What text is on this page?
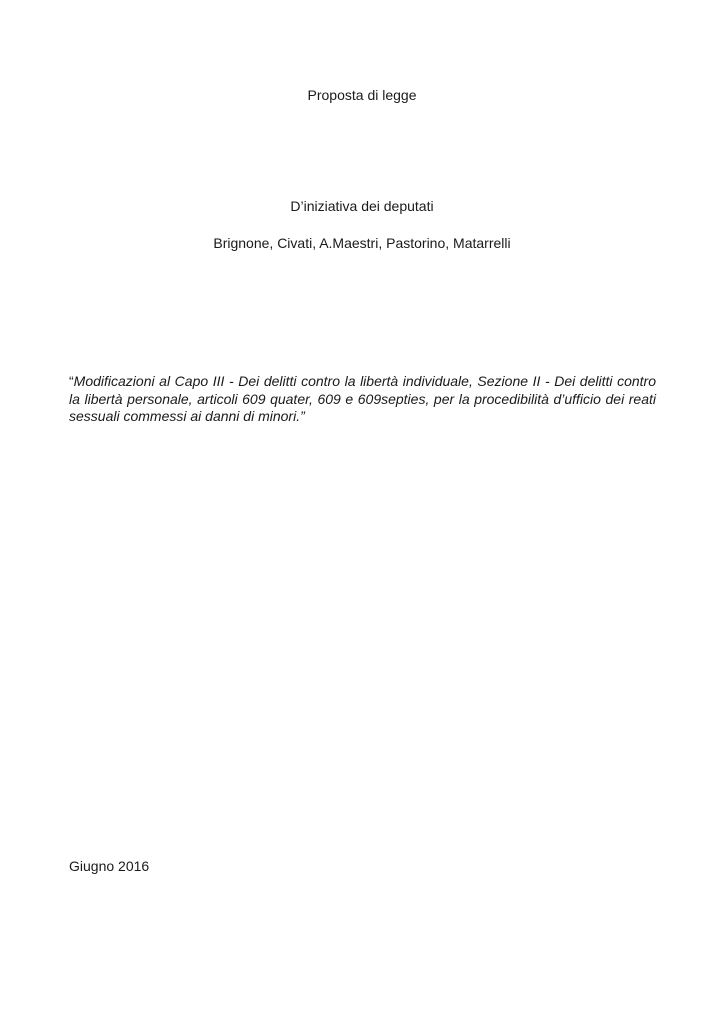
Proposta di legge
D’iniziativa dei deputati
Brignone, Civati, A.Maestri, Pastorino, Matarrelli
“Modificazioni al Capo III - Dei delitti contro la libertà individuale, Sezione II - Dei delitti contro la libertà personale, articoli 609 quater, 609 e 609septies, per la procedibilità d’ufficio dei reati sessuali commessi ai danni di minori.”
Giugno 2016
